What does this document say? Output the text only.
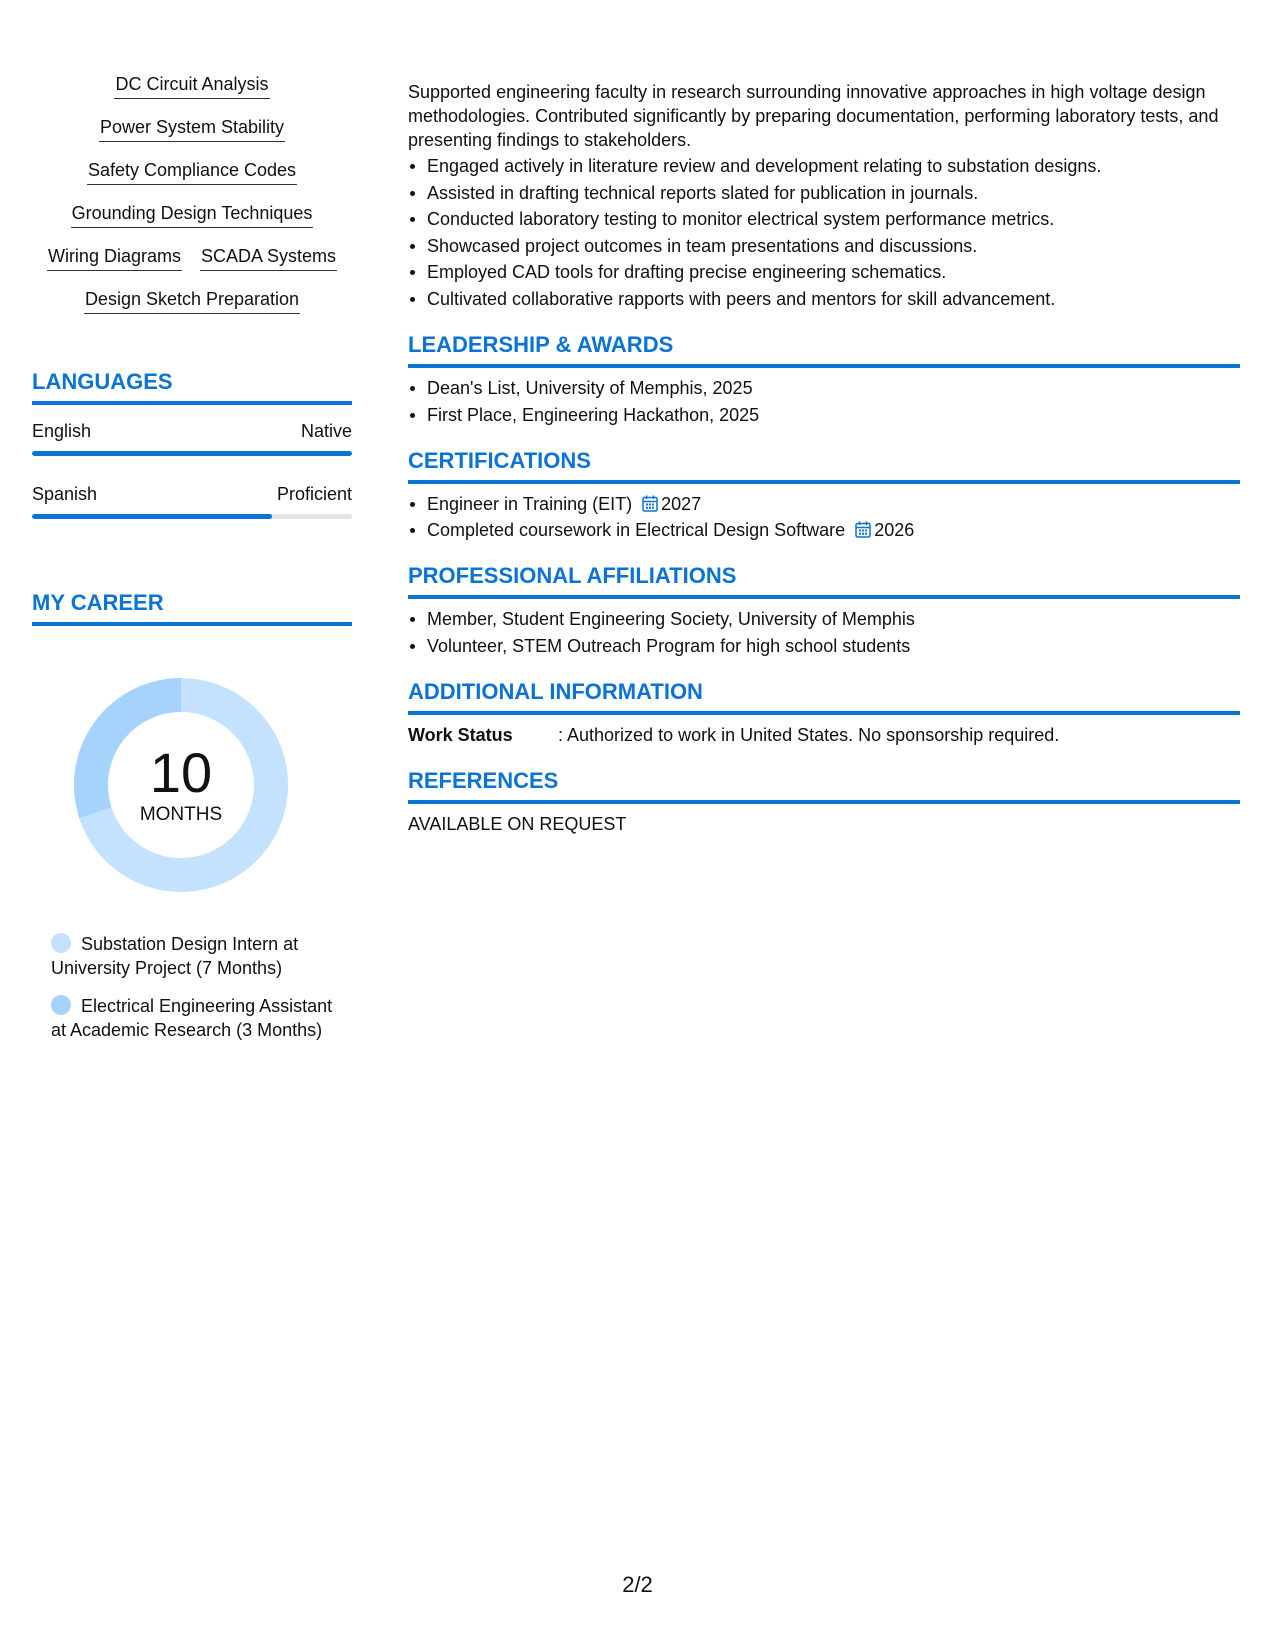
DC Circuit Analysis
Power System Stability
Safety Compliance Codes
Grounding Design Techniques
Wiring Diagrams SCADA Systems
Design Sketch Preparation
LANGUAGES
English	Native
Spanish	Proficient
MY CAREER
10
MONTHS
Substation Design Intern at University Project (7 Months)
Electrical Engineering Assistant at Academic Research (3 Months)

Supported engineering faculty in research surrounding innovative approaches in high voltage design methodologies. Contributed significantly by preparing documentation, performing laboratory tests, and presenting findings to stakeholders.

Engaged actively in literature review and development relating to substation designs.
Assisted in drafting technical reports slated for publication in journals.
Conducted laboratory testing to monitor electrical system performance metrics.
Showcased project outcomes in team presentations and discussions.
Employed CAD tools for drafting precise engineering schematics.
Cultivated collaborative rapports with peers and mentors for skill advancement.
LEADERSHIP & AWARDS
Dean's List, University of Memphis, 2025
First Place, Engineering Hackathon, 2025
CERTIFICATIONS
Engineer in Training (EIT) 2027
Completed coursework in Electrical Design Software 2026
PROFESSIONAL AFFILIATIONS
Member, Student Engineering Society, University of Memphis
Volunteer, STEM Outreach Program for high school students
ADDITIONAL INFORMATION
Work Status	: Authorized to work in United States. No sponsorship required.
REFERENCES

AVAILABLE ON REQUEST

2/2
